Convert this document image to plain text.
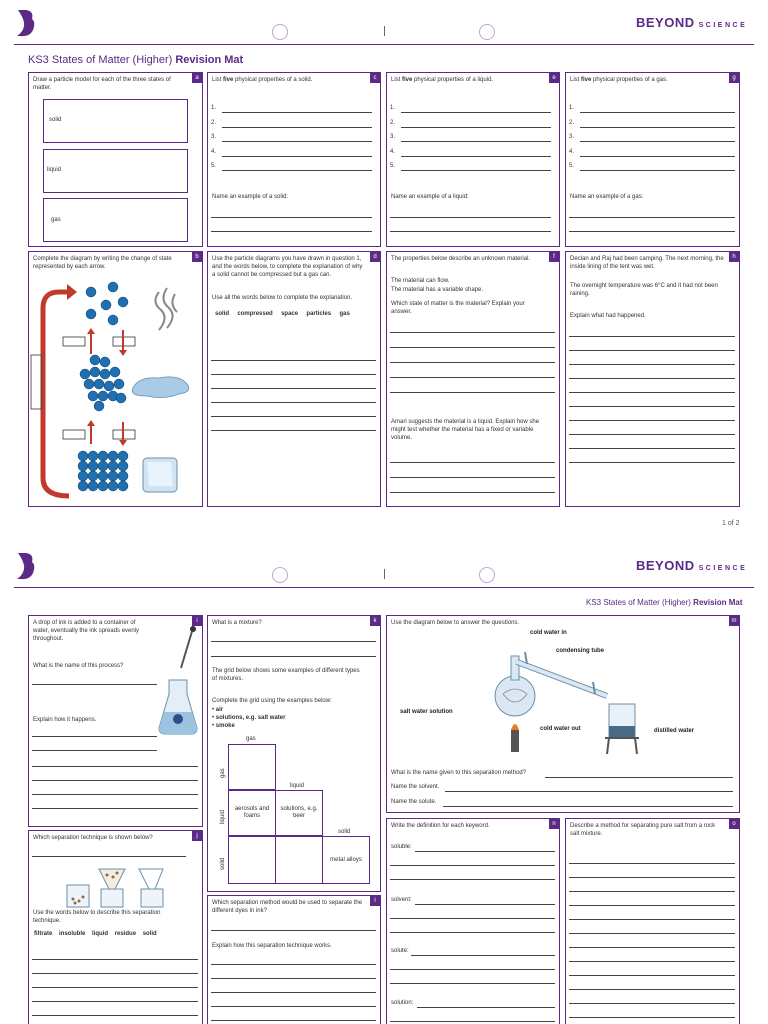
BEYOND SCIENCE
KS3 States of Matter (Higher) Revision Mat
a
Draw a particle model for each of the three states of matter.
solid
liquid
gas
c
List five physical properties of a solid.
1.
2.
3.
4.
5.
Name an example of a solid:
e
List five physical properties of a liquid.
1.
2.
3.
4.
5.
Name an example of a liquid:
g
List five physical properties of a gas.
1.
2.
3.
4.
5.
Name an example of a gas:
b
Complete the diagram by writing the change of state represented by each arrow.
d
Use the particle diagrams you have drawn in question 1, and the words below, to complete the explanation of why a solid cannot be compressed but a gas can.
Use all the words below to complete the explanation.
solid compressed space particles gas
f
The properties below describe an unknown material.
The material can flow.
The material has a variable shape.
Which state of matter is the material? Explain your answer.
Amari suggests the material is a liquid. Explain how she might test whether the material has a fixed or variable volume.
h
Declan and Raj had been camping. The next morning, the inside lining of the tent was wet.
The overnight temperature was 6°C and it had not been raining.
Explain what had happened.
1 of 2
BEYOND SCIENCE
KS3 States of Matter (Higher) Revision Mat
i
A drop of ink is added to a container of water, eventually the ink spreads evenly throughout.
What is the name of this process?
Explain how it happens.
k
What is a mixture?
The grid below shows some examples of different types of mixtures.
Complete the grid using the examples below:
• air
• solutions, e.g. salt water
• smoke
gas
liquid
solid
gas
liquid
solid
aerosols and foams
solutions, e.g. beer
metal alloys
m
Use the diagram below to answer the questions.
cold water in
condensing tube
salt water solution
cold water out	distilled water
What is the name given to this separation method?
Name the solvent.
Name the solute.
j
Which separation technique is shown below?
Use the words below to describe this separation technique.
filtrate insoluble liquid residue solid
l
Which separation method would be used to separate the different dyes in ink?
Explain how this separation technique works.
n
Write the definition for each keyword.
soluble:
solvent:
solute:
solution:
o
Describe a method for separating pure salt from a rock salt mixture.
